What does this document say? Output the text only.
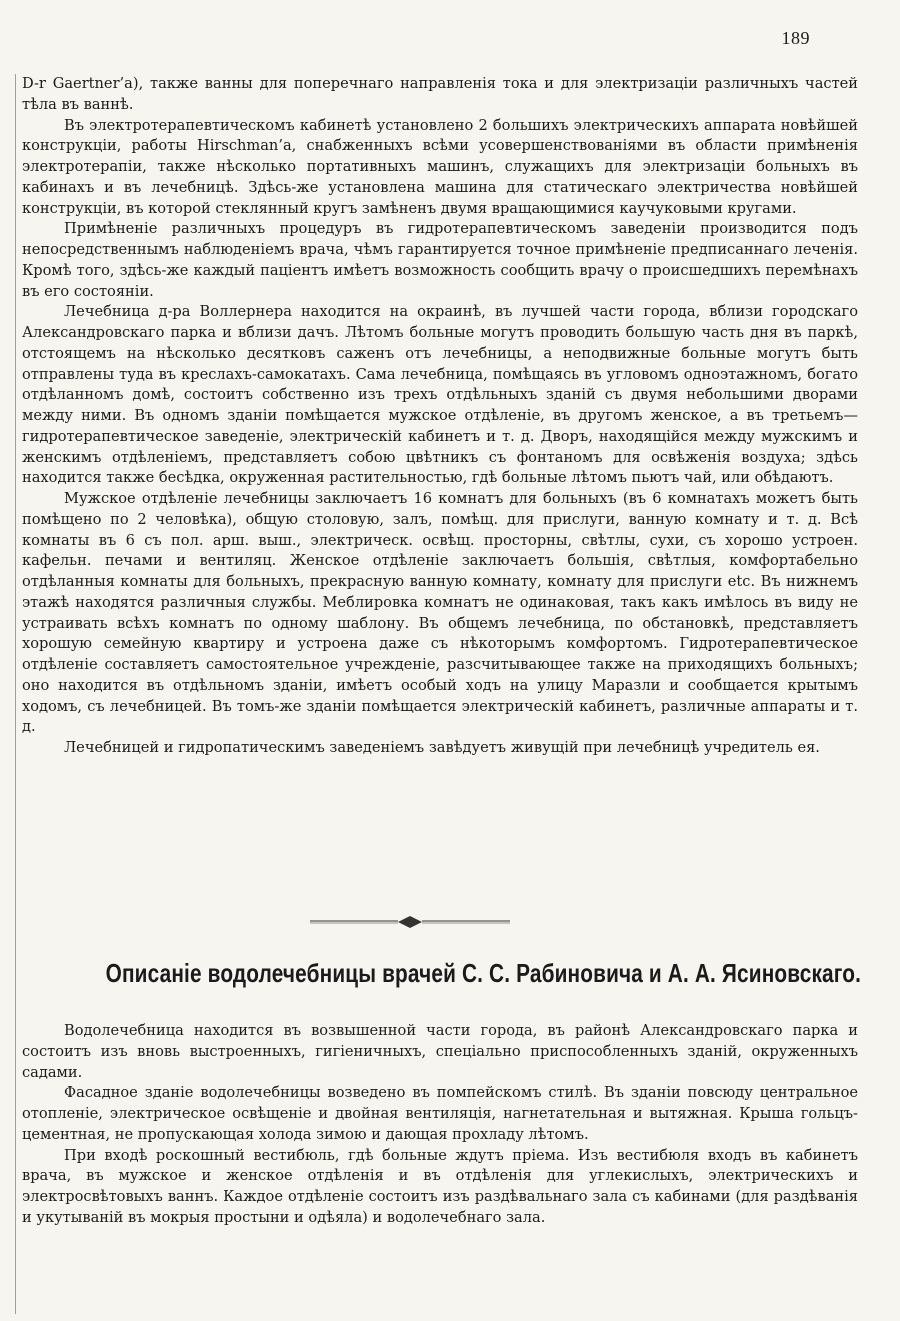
189

D-r Gaertner’a), также ванны для поперечнаго направленія тока и для электризаціи различныхъ частей тѣла въ ваннѣ.

Въ электротерапевтическомъ кабинетѣ установлено 2 большихъ электрическихъ аппарата новѣйшей конструкціи, работы Hirschman’a, снабженныхъ всѣми усовершенствованіями въ области примѣненія электротерапіи, также нѣсколько портативныхъ машинъ, служащихъ для электризаціи больныхъ въ кабинахъ и въ лечебницѣ. Здѣсь-же установлена машина для статическаго электричества новѣйшей конструкціи, въ которой стеклянный кругъ замѣненъ двумя вращающимися каучуковыми кругами.

Примѣненіе различныхъ процедуръ въ гидротерапевтическомъ заведеніи производится подъ непосредственнымъ наблюденіемъ врача, чѣмъ гарантируется точное примѣненіе предписаннаго леченія. Кромѣ того, здѣсь-же каждый паціентъ имѣетъ возможность сообщить врачу о происшедшихъ перемѣнахъ въ его состояніи.

Лечебница д-ра Воллернера находится на окраинѣ, въ лучшей части города, вблизи городскаго Александровскаго парка и вблизи дачъ. Лѣтомъ больные могутъ проводить большую часть дня въ паркѣ, отстоящемъ на нѣсколько десятковъ саженъ отъ лечебницы, а неподвижные больные могутъ быть отправлены туда въ креслахъ-самокатахъ. Сама лечебница, помѣщаясь въ угловомъ одноэтажномъ, богато отдѣланномъ домѣ, состоитъ собственно изъ трехъ отдѣльныхъ зданій съ двумя небольшими дворами между ними. Въ одномъ зданіи помѣщается мужское отдѣленіе, въ другомъ женское, а въ третьемъ—гидротерапевтическое заведеніе, электрическій кабинетъ и т. д. Дворъ, находящійся между мужскимъ и женскимъ отдѣленіемъ, представляетъ собою цвѣтникъ съ фонтаномъ для освѣженія воздуха; здѣсь находится также бесѣдка, окруженная растительностью, гдѣ больные лѣтомъ пьютъ чай, или обѣдаютъ.

Мужское отдѣленіе лечебницы заключаетъ 16 комнатъ для больныхъ (въ 6 комнатахъ можетъ быть помѣщено по 2 человѣка), общую столовую, залъ, помѣщ. для прислуги, ванную комнату и т. д. Всѣ комнаты въ 6 съ пол. арш. выш., электрическ. освѣщ. просторны, свѣтлы, сухи, съ хорошо устроен. кафельн. печами и вентиляц. Женское отдѣленіе заключаетъ большія, свѣтлыя, комфортабельно отдѣланныя комнаты для больныхъ, прекрасную ванную комнату, комнату для прислуги etc. Въ нижнемъ этажѣ находятся различныя службы. Меблировка комнатъ не одинаковая, такъ какъ имѣлось въ виду не устраивать всѣхъ комнатъ по одному шаблону. Въ общемъ лечебница, по обстановкѣ, представляетъ хорошую семейную квартиру и устроена даже съ нѣкоторымъ комфортомъ. Гидротерапевтическое отдѣленіе составляетъ самостоятельное учрежденіе, разсчитывающее также на приходящихъ больныхъ; оно находится въ отдѣльномъ зданіи, имѣетъ особый ходъ на улицу Маразли и сообщается крытымъ ходомъ, съ лечебницей. Въ томъ-же зданіи помѣщается электрическій кабинетъ, различные аппараты и т. д.

Лечебницей и гидропатическимъ заведеніемъ завѣдуетъ живущій при лечебницѣ учредитель ея.

Описаніе водолечебницы врачей С. С. Рабиновича и А. А. Ясиновскаго.

Водолечебница находится въ возвышенной части города, въ районѣ Александровскаго парка и состоитъ изъ вновь выстроенныхъ, гигіеничныхъ, спеціально приспособленныхъ зданій, окруженныхъ садами.

Фасадное зданіе водолечебницы возведено въ помпейскомъ стилѣ. Въ зданіи повсюду центральное отопленіе, электрическое освѣщеніе и двойная вентиляція, нагнетательная и вытяжная. Крыша гольцъ-цементная, не пропускающая холода зимою и дающая прохладу лѣтомъ.

При входѣ роскошный вестибюль, гдѣ больные ждутъ пріема. Изъ вестибюля входъ въ кабинетъ врача, въ мужское и женское отдѣленія и въ отдѣленія для углекислыхъ, электрическихъ и электросвѣтовыхъ ваннъ. Каждое отдѣленіе состоитъ изъ раздѣвальнаго зала съ кабинами (для раздѣванія и укутываній въ мокрыя простыни и одѣяла) и водолечебнаго зала.
